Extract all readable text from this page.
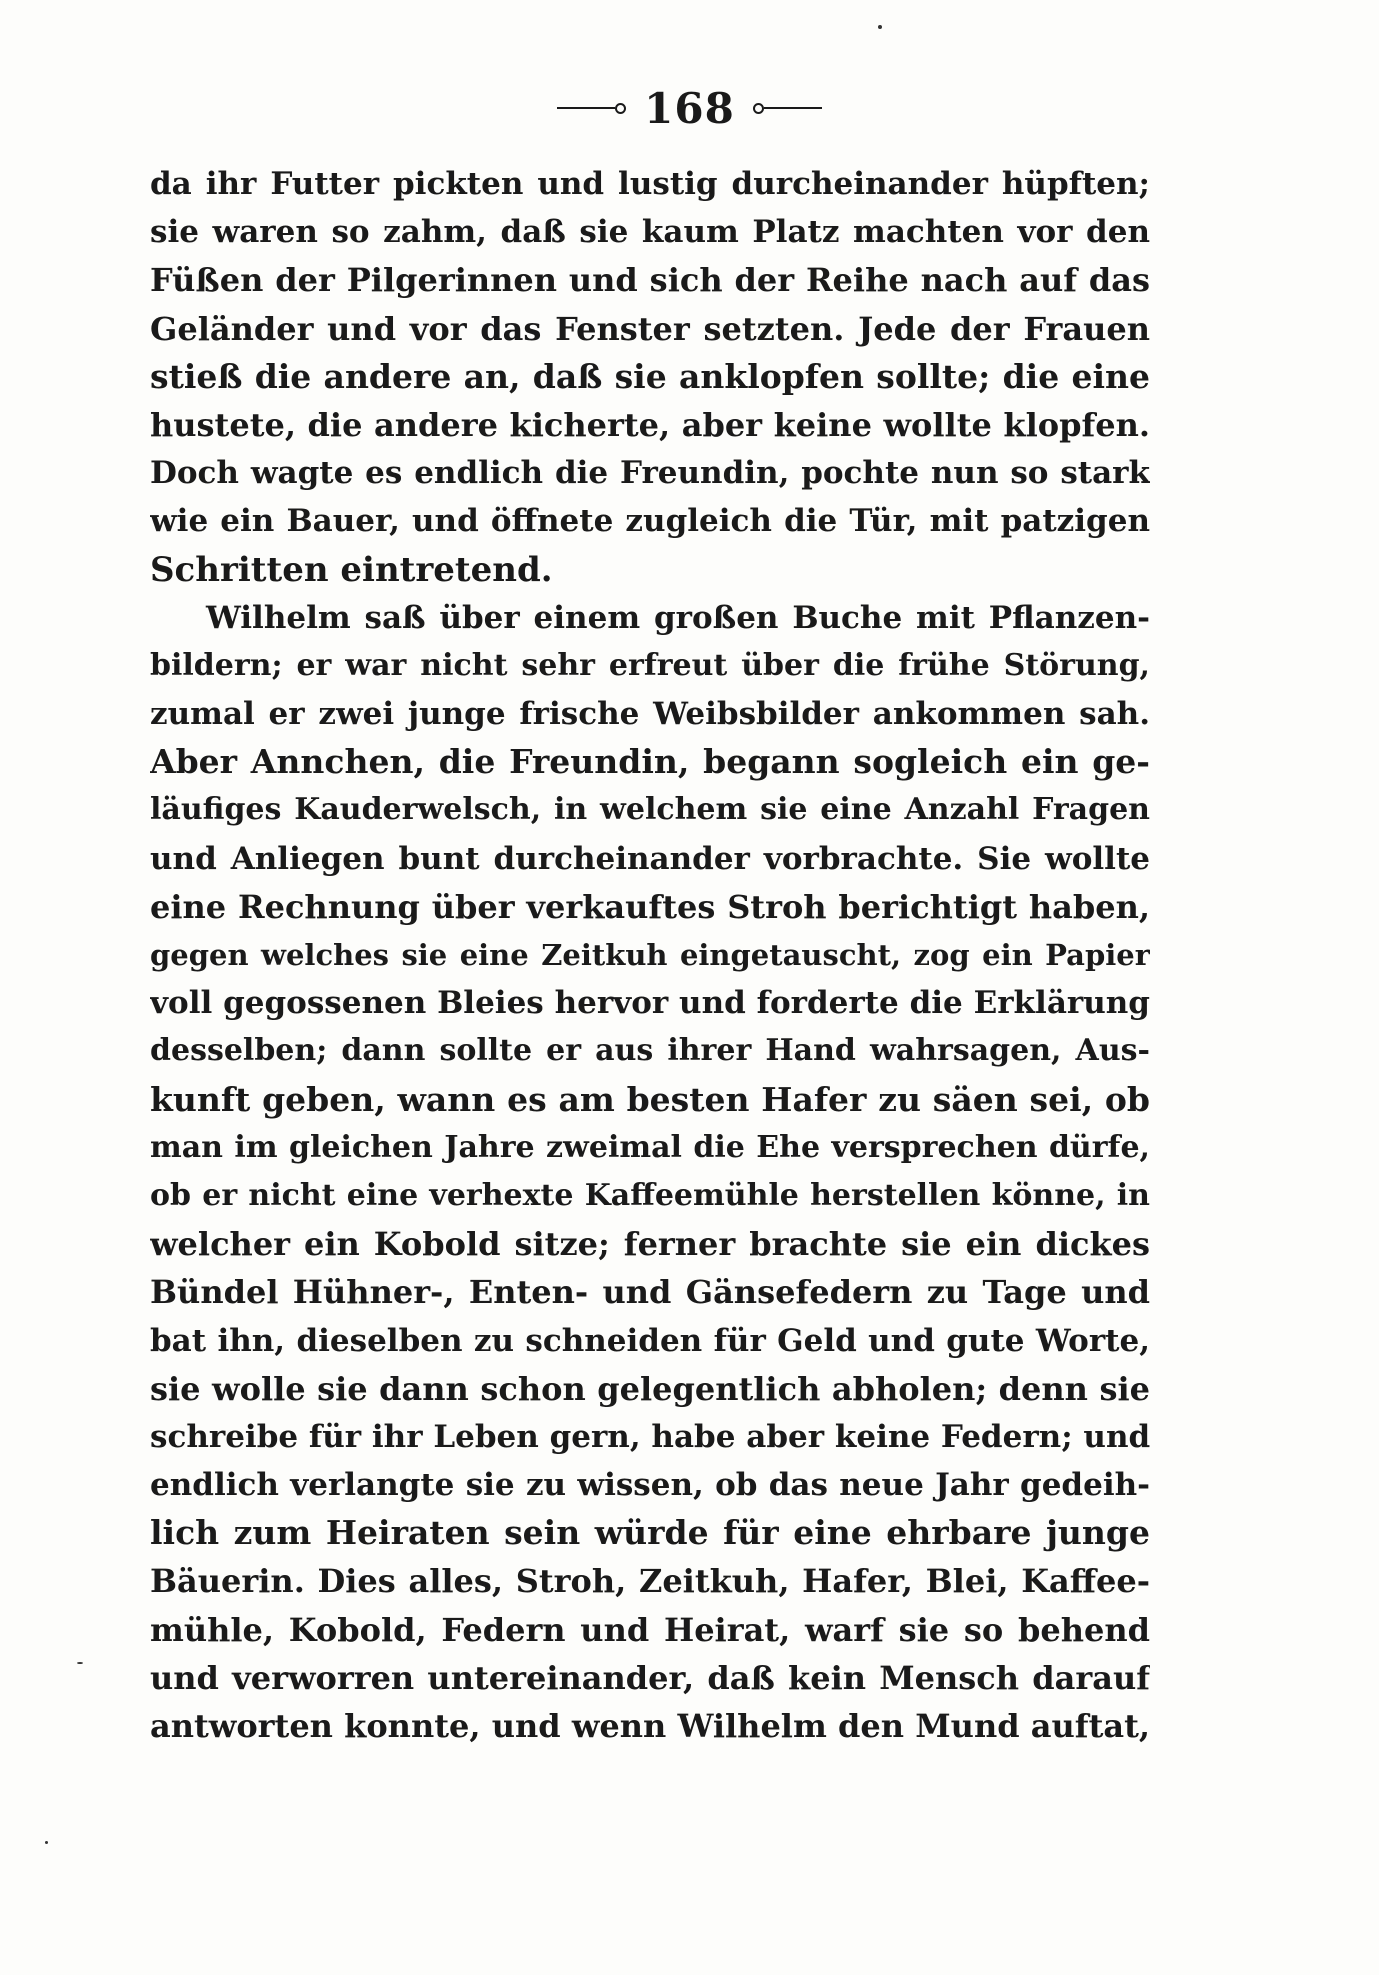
168
da ihr Futter pickten und lustig durcheinander hüpften;
sie waren so zahm, daß sie kaum Platz machten vor den
Füßen der Pilgerinnen und sich der Reihe nach auf das
Geländer und vor das Fenster setzten. Jede der Frauen
stieß die andere an, daß sie anklopfen sollte; die eine
hustete, die andere kicherte, aber keine wollte klopfen.
Doch wagte es endlich die Freundin, pochte nun so stark
wie ein Bauer, und öffnete zugleich die Tür, mit patzigen
Schritten eintretend.
Wilhelm saß über einem großen Buche mit Pflanzen-
bildern; er war nicht sehr erfreut über die frühe Störung,
zumal er zwei junge frische Weibsbilder ankommen sah.
Aber Annchen, die Freundin, begann sogleich ein ge-
läufiges Kauderwelsch, in welchem sie eine Anzahl Fragen
und Anliegen bunt durcheinander vorbrachte. Sie wollte
eine Rechnung über verkauftes Stroh berichtigt haben,
gegen welches sie eine Zeitkuh eingetauscht, zog ein Papier
voll gegossenen Bleies hervor und forderte die Erklärung
desselben; dann sollte er aus ihrer Hand wahrsagen, Aus-
kunft geben, wann es am besten Hafer zu säen sei, ob
man im gleichen Jahre zweimal die Ehe versprechen dürfe,
ob er nicht eine verhexte Kaffeemühle herstellen könne, in
welcher ein Kobold sitze; ferner brachte sie ein dickes
Bündel Hühner-, Enten- und Gänsefedern zu Tage und
bat ihn, dieselben zu schneiden für Geld und gute Worte,
sie wolle sie dann schon gelegentlich abholen; denn sie
schreibe für ihr Leben gern, habe aber keine Federn; und
endlich verlangte sie zu wissen, ob das neue Jahr gedeih-
lich zum Heiraten sein würde für eine ehrbare junge
Bäuerin. Dies alles, Stroh, Zeitkuh, Hafer, Blei, Kaffee-
mühle, Kobold, Federn und Heirat, warf sie so behend
und verworren untereinander, daß kein Mensch darauf
antworten konnte, und wenn Wilhelm den Mund auftat,
